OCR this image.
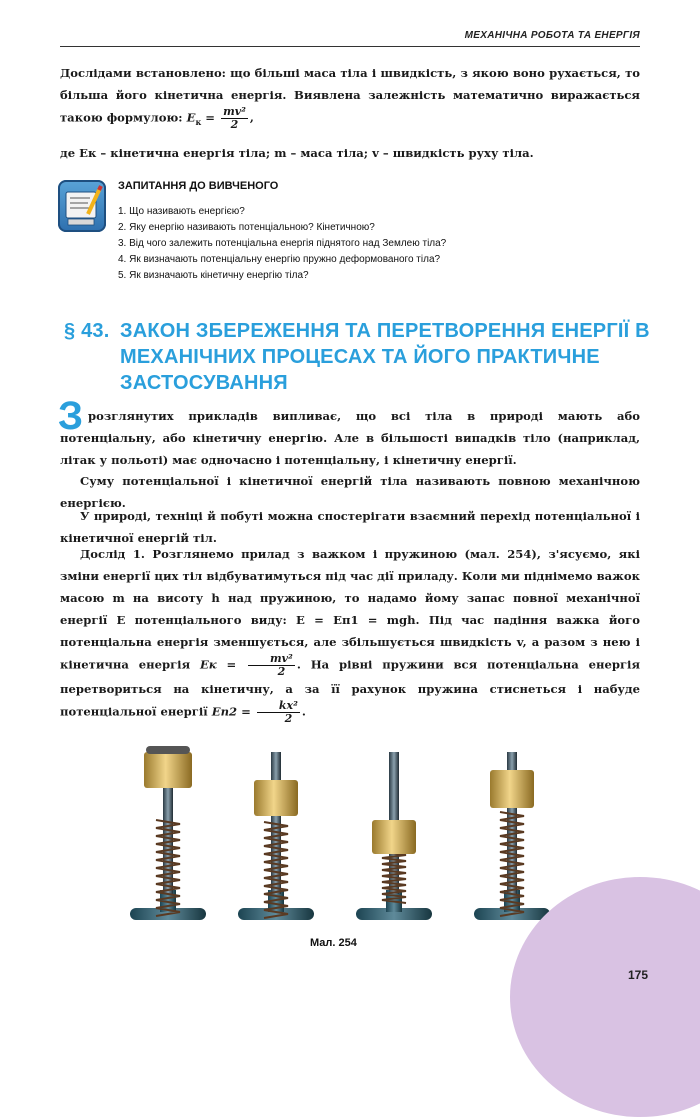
МЕХАНІЧНА РОБОТА ТА ЕНЕРГІЯ
Дослідами встановлено: що більші маса тіла і швидкість, з якою воно рухається, то більша його кінетична енергія. Виявлена залежність математично виражається такою формулою: $E_к = \frac{\text{mv²}}{2}$ ,
де Eк – кінетична енергія тіла; m – маса тіла; v – швидкість руху тіла.
ЗАПИТАННЯ ДО ВИВЧЕНОГО
1. Що називають енергією?
2. Яку енергію називають потенціальною? Кінетичною?
3. Від чого залежить потенціальна енергія піднятого над Землею тіла?
4. Як визначають потенціальну енергію пружно деформованого тіла?
5. Як визначають кінетичну енергію тіла?
§ 43. ЗАКОН ЗБЕРЕЖЕННЯ ТА ПЕРЕТВОРЕННЯ ЕНЕРГІЇ В МЕХАНІЧНИХ ПРОЦЕСАХ ТА ЙОГО ПРАКТИЧНЕ ЗАСТОСУВАННЯ
З розглянутих прикладів випливає, що всі тіла в природі мають або потенціальну, або кінетичну енергію. Але в більшості випадків тіло (наприклад, літак у польоті) має одночасно і потенціальну, і кінетичну енергії.
Суму потенціальної і кінетичної енергій тіла називають повною механічною енергією.
У природі, техніці й побуті можна спостерігати взаємний перехід потенціальної і кінетичної енергій тіл.
Дослід 1. Розглянемо прилад з важком і пружиною (мал. 254), з'ясуємо, які зміни енергії цих тіл відбуватимуться під час дії приладу. Коли ми піднімемо важок масою m на висоту h над пружиною, то надамо йому запас повної механічної енергії E потенціального виду: E = Eп1 = mgh. Під час падіння важка його потенціальна енергія зменшується, але збільшується швидкість v, а разом з нею і кінетична енергія Eк = $\frac{\text{mv²}}{2}$ . На рівні пружини вся потенціальна енергія перетвориться на кінетичну, а за її рахунок пружина стиснеться і набуде потенціальної енергії $Eп2 = \frac{\text{kx²}}{2}$ .
Мал. 254
175
